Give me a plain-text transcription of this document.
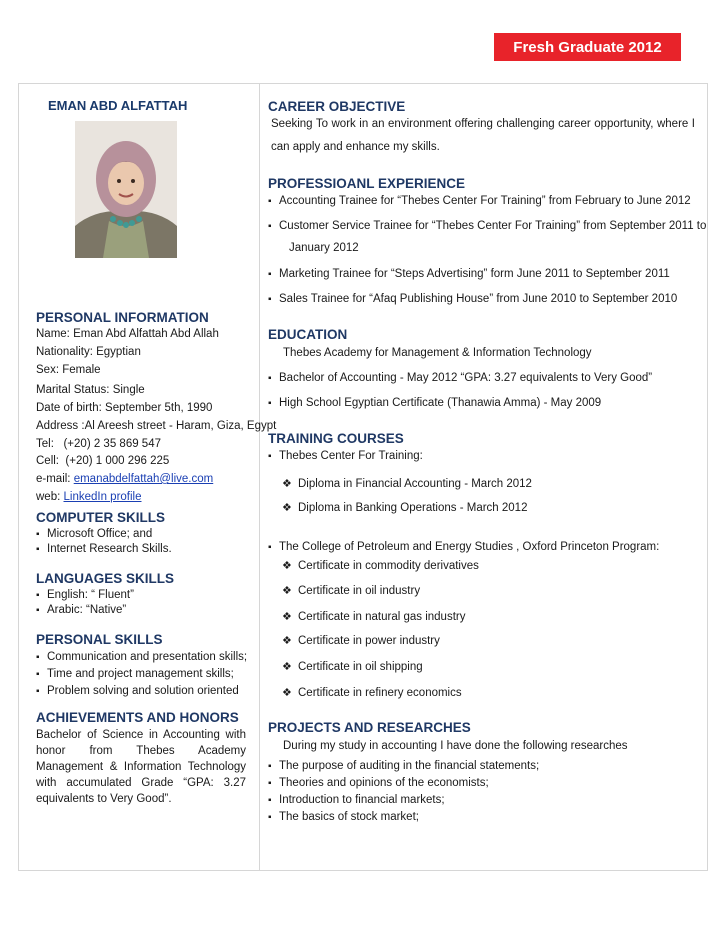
Fresh Graduate 2012
EMAN ABD ALFATTAH
PERSONAL INFORMATION
Name: Eman Abd Alfattah Abd Allah
Nationality: Egyptian
Sex: Female
Marital Status: Single
Date of birth: September 5th, 1990
Address :Al Areesh street - Haram, Giza, Egypt
Tel:   (+20) 2 35 869 547
Cell:  (+20) 1 000 296 225
e-mail: emanabdelfattah@live.com
web: LinkedIn profile
COMPUTER SKILLS
▪ Microsoft Office; and
▪ Internet Research Skills.
LANGUAGES SKILLS
▪ English: “ Fluent”
▪ Arabic: “Native”
PERSONAL SKILLS
▪ Communication and presentation skills;
▪ Time and project management skills;
▪ Problem solving and solution oriented
ACHIEVEMENTS AND HONORS
Bachelor of Science in Accounting with honor from Thebes Academy Management & Information Technology with accumulated Grade “GPA: 3.27 equivalents to Very Good”.
CAREER OBJECTIVE
Seeking To work in an environment offering challenging career opportunity, where I
can apply and enhance my skills.
PROFESSIOANL EXPERIENCE
▪ Accounting Trainee for “Thebes Center For Training” from February to June 2012
▪ Customer Service Trainee for “Thebes Center For Training” from September 2011 to
January 2012
▪ Marketing Trainee for “Steps Advertising” form June 2011 to September 2011
▪ Sales Trainee for “Afaq Publishing House” from June 2010 to September 2010
EDUCATION
Thebes Academy for Management & Information Technology
▪ Bachelor of Accounting - May 2012 “GPA: 3.27 equivalents to Very Good”
▪ High School Egyptian Certificate (Thanawia Amma) - May 2009
TRAINING COURSES
▪ Thebes Center For Training:
❖ Diploma in Financial Accounting - March 2012
❖ Diploma in Banking Operations - March 2012
▪ The College of Petroleum and Energy Studies , Oxford Princeton Program:
❖ Certificate in commodity derivatives
❖ Certificate in oil industry
❖ Certificate in natural gas industry
❖ Certificate in power industry
❖ Certificate in oil shipping
❖ Certificate in refinery economics
PROJECTS AND RESEARCHES
During my study in accounting I have done the following researches
▪ The purpose of auditing in the financial statements;
▪ Theories and opinions of the economists;
▪ Introduction to financial markets;
▪ The basics of stock market;
